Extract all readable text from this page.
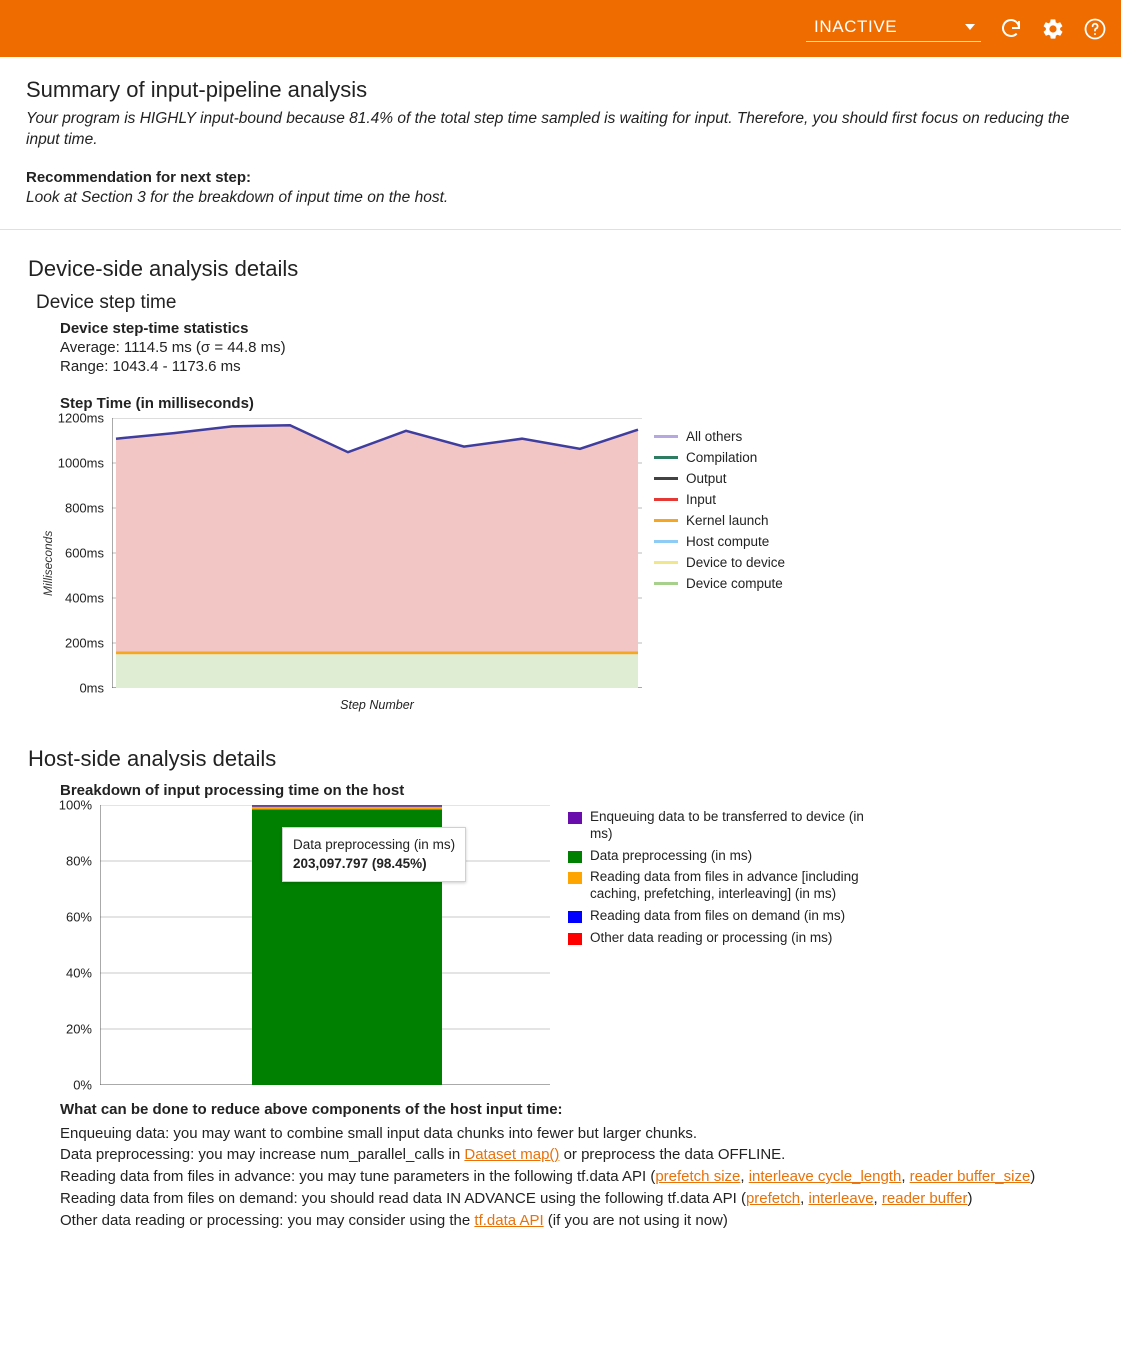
INACTIVE
Summary of input-pipeline analysis

Your program is HIGHLY input-bound because 81.4% of the total step time sampled is waiting for input. Therefore, you should first focus on reducing the input time.

Recommendation for next step:

Look at Section 3 for the breakdown of input time on the host.

Device-side analysis details
Device step time
Device step-time statistics
Average: 1114.5 ms (σ = 44.8 ms)
Range: 1043.4 - 1173.6 ms
Step Time (in milliseconds)
Milliseconds
0ms
200ms
400ms
600ms
800ms
1000ms
1200ms
Step Number
All others
Compilation
Output
Input
Kernel launch
Host compute
Device to device
Device compute
Host-side analysis details
Breakdown of input processing time on the host
0%
20%
40%
60%
80%
100%
Data preprocessing (in ms)
203,097.797 (98.45%)
Enqueuing data to be transferred to device (in ms)
Data preprocessing (in ms)
Reading data from files in advance [including caching, prefetching, interleaving] (in ms)
Reading data from files on demand (in ms)
Other data reading or processing (in ms)
What can be done to reduce above components of the host input time:

Enqueuing data: you may want to combine small input data chunks into fewer but larger chunks.

Data preprocessing: you may increase num_parallel_calls in Dataset map() or preprocess the data OFFLINE.

Reading data from files in advance: you may tune parameters in the following tf.data API (prefetch size, interleave cycle_length, reader buffer_size)

Reading data from files on demand: you should read data IN ADVANCE using the following tf.data API (prefetch, interleave, reader buffer)

Other data reading or processing: you may consider using the tf.data API (if you are not using it now)
